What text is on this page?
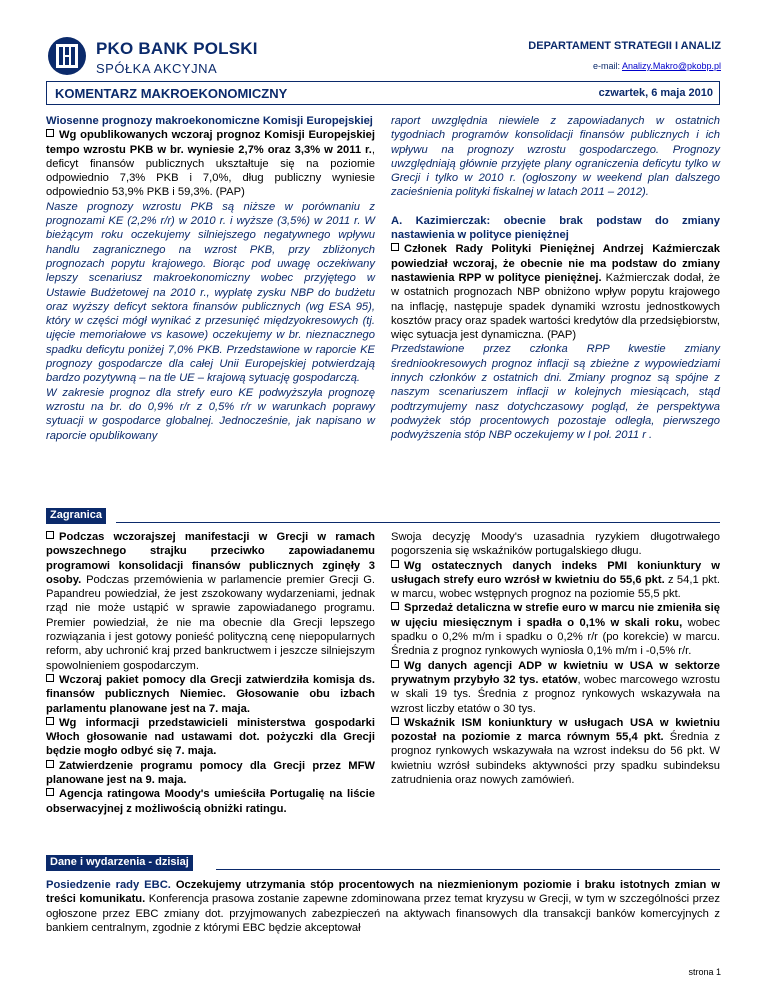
PKO BANK POLSKI
SPÓŁKA AKCYJNA
DEPARTAMENT STRATEGII I ANALIZ
e-mail: Analizy.Makro@pkobp.pl
KOMENTARZ MAKROEKONOMICZNY	czwartek, 6 maja 2010

Wiosenne prognozy makroekonomiczne Komisji Europejskiej

Wg opublikowanych wczoraj prognoz Komisji Europejskiej tempo wzrostu PKB w br. wyniesie 2,7% oraz 3,3% w 2011 r., deficyt finansów publicznych ukształtuje się na poziomie odpowiednio 7,3% PKB i 7,0%, dług publiczny wyniesie odpowiednio 53,9% PKB i 59,3%. (PAP)

Nasze prognozy wzrostu PKB są niższe w porównaniu z prognozami KE (2,2% r/r) w 2010 r. i wyższe (3,5%) w 2011 r. W bieżącym roku oczekujemy silniejszego negatywnego wpływu handlu zagranicznego na wzrost PKB, przy zbliżonych prognozach popytu krajowego. Biorąc pod uwagę oczekiwany lepszy scenariusz makroekonomiczny wobec przyjętego w Ustawie Budżetowej na 2010 r., wypłatę zysku NBP do budżetu oraz wyższy deficyt sektora finansów publicznych (wg ESA 95), który w części mógł wynikać z przesunięć międzyokresowych (tj. ujęcie memoriałowe vs kasowe) oczekujemy w br. nieznacznego spadku deficytu poniżej 7,0% PKB. Przedstawione w raporcie KE prognozy gospodarcze dla całej Unii Europejskiej potwierdzają bardzo pozytywną – na tle UE – krajową sytuację gospodarczą.

W zakresie prognoz dla strefy euro KE podwyższyła prognozę wzrostu na br. do 0,9% r/r z 0,5% r/r w warunkach poprawy sytuacji w gospodarce globalnej. Jednocześnie, jak napisano w raporcie opublikowany

raport uwzględnia niewiele z zapowiadanych w ostatnich tygodniach programów konsolidacji finansów publicznych i ich wpływu na prognozy wzrostu gospodarczego. Prognozy uwzględniają głównie przyjęte plany ograniczenia deficytu tylko w Grecji i tylko w 2010 r. (ogłoszony w weekend plan dalszego zacieśnienia polityki fiskalnej w latach 2011 – 2012).

A. Kazimierczak: obecnie brak podstaw do zmiany nastawienia w polityce pieniężnej

Członek Rady Polityki Pieniężnej Andrzej Kaźmierczak powiedział wczoraj, że obecnie nie ma podstaw do zmiany nastawienia RPP w polityce pieniężnej. Kaźmierczak dodał, że w ostatnich prognozach NBP obniżono wpływ popytu krajowego na inflację, następuje spadek dynamiki wzrostu jednostkowych kosztów pracy oraz spadek wartości kredytów dla przedsiębiorstw, więc sytuacja jest dynamiczna. (PAP)

Przedstawione przez członka RPP kwestie zmiany średniookresowych prognoz inflacji są zbieżne z wypowiedziami innych członków z ostatnich dni. Zmiany prognoz są spójne z naszym scenariuszem inflacji w kolejnych miesiącach, stąd podtrzymujemy nasz dotychczasowy pogląd, że perspektywa podwyżek stóp procentowych pozostaje odległa, pierwszego podwyższenia stóp NBP oczekujemy w I poł. 2011 r .

Zagranica

Podczas wczorajszej manifestacji w Grecji w ramach powszechnego strajku przeciwko zapowiadanemu programowi konsolidacji finansów publicznych zginęły 3 osoby. Podczas przemówienia w parlamencie premier Grecji G. Papandreu powiedział, że jest zszokowany wydarzeniami, jednak rząd nie może ustąpić w sprawie zapowiadanego programu. Premier powiedział, że nie ma obecnie dla Grecji lepszego rozwiązania i jest gotowy ponieść polityczną cenę niepopularnych reform, aby uchronić kraj przed bankructwem i jeszcze silniejszym spowolnieniem gospodarczym.

Wczoraj pakiet pomocy dla Grecji zatwierdziła komisja ds. finansów publicznych Niemiec. Głosowanie obu izbach parlamentu planowane jest na 7. maja.

Wg informacji przedstawicieli ministerstwa gospodarki Włoch głosowanie nad ustawami dot. pożyczki dla Grecji będzie mogło odbyć się 7. maja.

Zatwierdzenie programu pomocy dla Grecji przez MFW planowane jest na 9. maja.

Agencja ratingowa Moody's umieściła Portugalię na liście obserwacyjnej z możliwością obniżki ratingu.

Swoja decyzję Moody's uzasadnia ryzykiem długotrwałego pogorszenia się wskaźników portugalskiego długu.

Wg ostatecznych danych indeks PMI koniunktury w usługach strefy euro wzrósł w kwietniu do 55,6 pkt. z 54,1 pkt. w marcu, wobec wstępnych prognoz na poziomie 55,5 pkt.

Sprzedaż detaliczna w strefie euro w marcu nie zmieniła się w ujęciu miesięcznym i spadła o 0,1% w skali roku, wobec spadku o 0,2% m/m i spadku o 0,2% r/r (po korekcie) w marcu. Średnia z prognoz rynkowych wyniosła 0,1% m/m i -0,5% r/r.

Wg danych agencji ADP w kwietniu w USA w sektorze prywatnym przybyło 32 tys. etatów, wobec marcowego wzrostu w skali 19 tys. Średnia z prognoz rynkowych wskazywała na wzrost liczby etatów o 30 tys.

Wskaźnik ISM koniunktury w usługach USA w kwietniu pozostał na poziomie z marca równym 55,4 pkt. Średnia z prognoz rynkowych wskazywała na wzrost indeksu do 56 pkt. W kwietniu wzrósł subindeks aktywności przy spadku subindeksu zatrudnienia oraz nowych zamówień.

Dane i wydarzenia - dzisiaj
Posiedzenie rady EBC. Oczekujemy utrzymania stóp procentowych na niezmienionym poziomie i braku istotnych zmian w treści komunikatu. Konferencja prasowa zostanie zapewne zdominowana przez temat kryzysu w Grecji, w tym w szczególności przez ogłoszone przez EBC zmiany dot. przyjmowanych zabezpieczeń na aktywach finansowych dla transakcji banków komercyjnych z bankiem centralnym, zgodnie z którymi EBC będzie akceptował
strona 1
